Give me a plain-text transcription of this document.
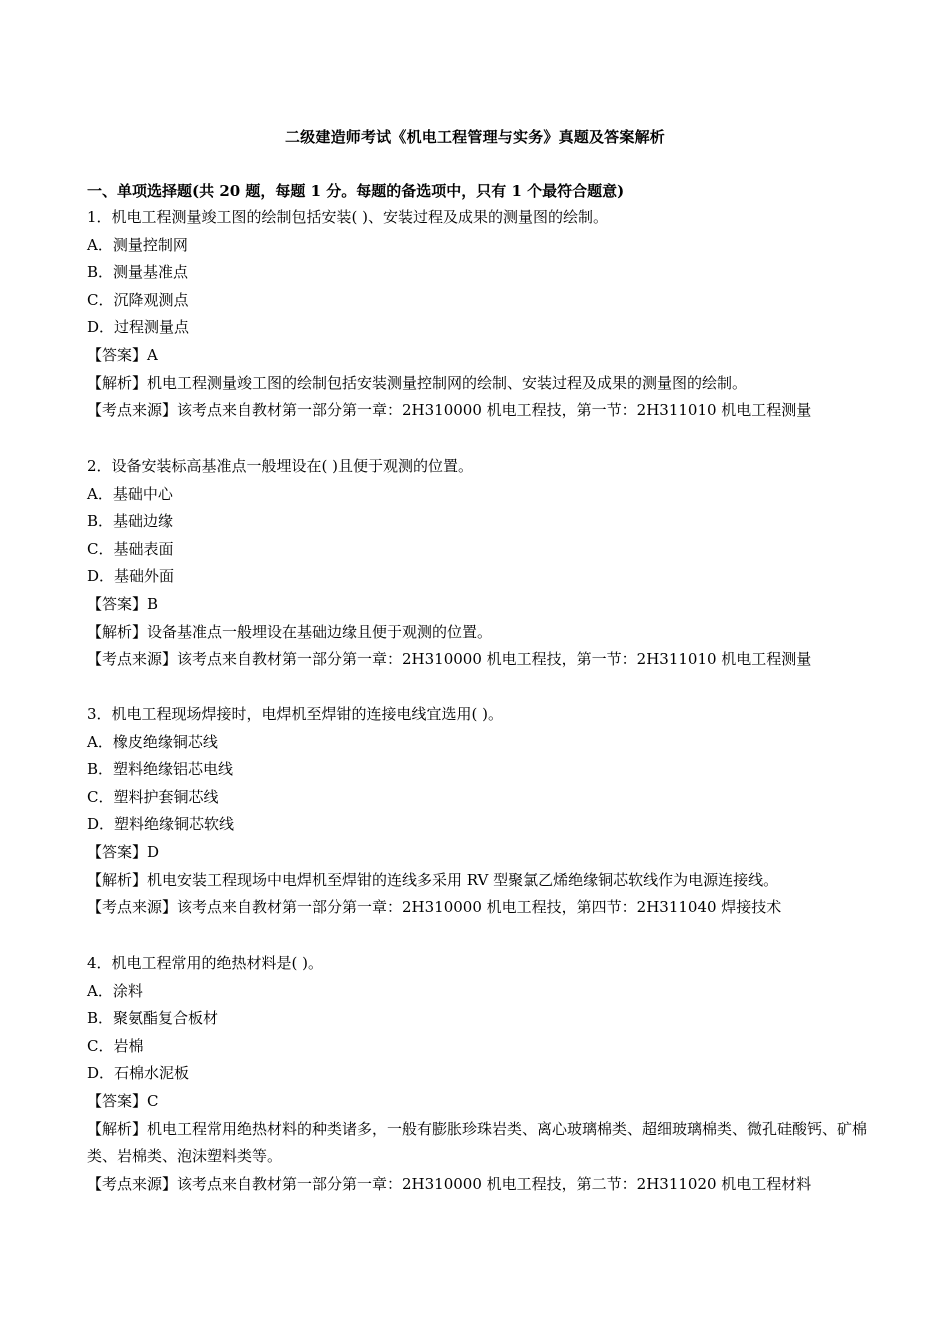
二级建造师考试《机电工程管理与实务》真题及答案解析
一、单项选择题(共 20 题，每题 1 分。每题的备选项中，只有 1 个最符合题意)
1．机电工程测量竣工图的绘制包括安装( )、安装过程及成果的测量图的绘制。
A．测量控制网
B．测量基准点
C．沉降观测点
D．过程测量点
【答案】A
【解析】机电工程测量竣工图的绘制包括安装测量控制网的绘制、安装过程及成果的测量图的绘制。
【考点来源】该考点来自教材第一部分第一章：2H310000 机电工程技，第一节：2H311010 机电工程测量
2．设备安装标高基准点一般埋设在( )且便于观测的位置。
A．基础中心
B．基础边缘
C．基础表面
D．基础外面
【答案】B
【解析】设备基准点一般埋设在基础边缘且便于观测的位置。
【考点来源】该考点来自教材第一部分第一章：2H310000 机电工程技，第一节：2H311010 机电工程测量
3．机电工程现场焊接时，电焊机至焊钳的连接电线宜选用( )。
A．橡皮绝缘铜芯线
B．塑料绝缘铝芯电线
C．塑料护套铜芯线
D．塑料绝缘铜芯软线
【答案】D
【解析】机电安装工程现场中电焊机至焊钳的连线多采用 RV 型聚氯乙烯绝缘铜芯软线作为电源连接线。
【考点来源】该考点来自教材第一部分第一章：2H310000 机电工程技，第四节：2H311040 焊接技术
4．机电工程常用的绝热材料是( )。
A．涂料
B．聚氨酯复合板材
C．岩棉
D．石棉水泥板
【答案】C
【解析】机电工程常用绝热材料的种类诸多，一般有膨胀珍珠岩类、离心玻璃棉类、超细玻璃棉类、微孔硅酸钙、矿棉类、岩棉类、泡沫塑料类等。
【考点来源】该考点来自教材第一部分第一章：2H310000 机电工程技，第二节：2H311020 机电工程材料
